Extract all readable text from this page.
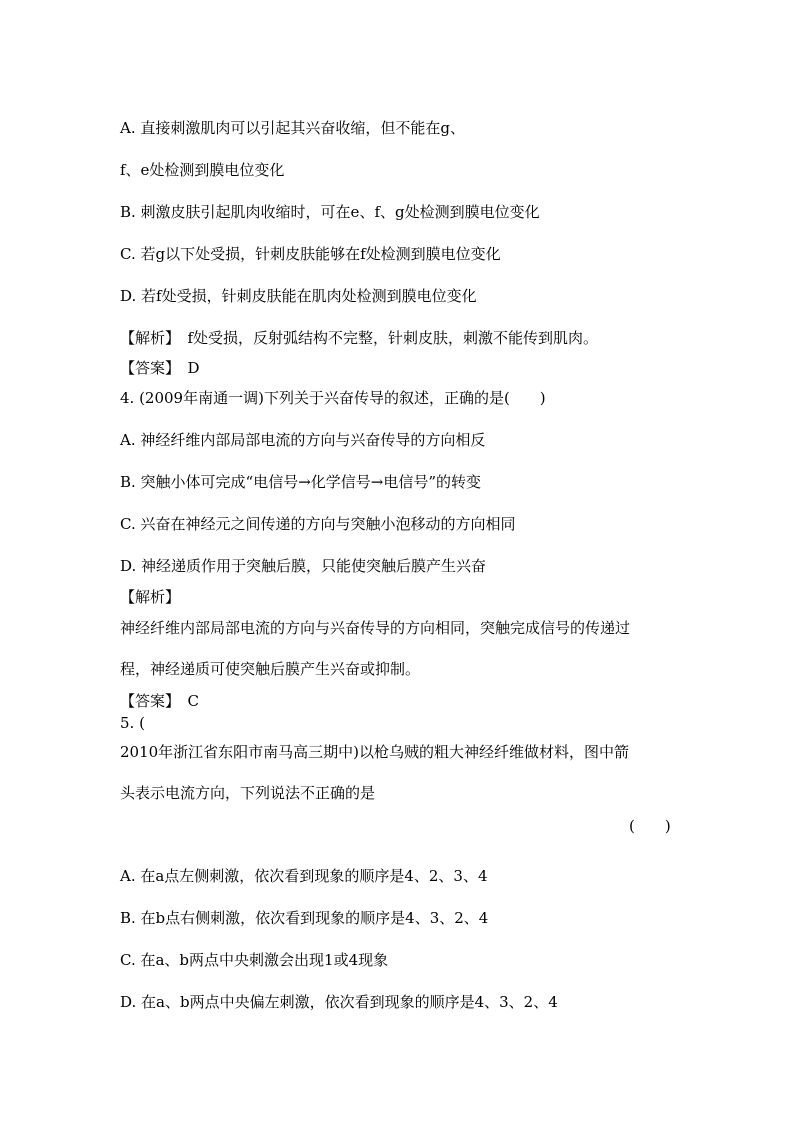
A. 直接刺激肌肉可以引起其兴奋收缩，但不能在g、
f、e处检测到膜电位变化
B. 刺激皮肤引起肌肉收缩时，可在e、f、g处检测到膜电位变化
C. 若g以下处受损，针刺皮肤能够在f处检测到膜电位变化
D. 若f处受损，针刺皮肤能在肌肉处检测到膜电位变化
【解析】　f处受损，反射弧结构不完整，针刺皮肤，刺激不能传到肌肉。
【答案】　D
4. (2009年南通一调)下列关于兴奋传导的叙述，正确的是(　　)
A. 神经纤维内部局部电流的方向与兴奋传导的方向相反
B. 突触小体可完成“电信号→化学信号→电信号”的转变
C. 兴奋在神经元之间传递的方向与突触小泡移动的方向相同
D. 神经递质作用于突触后膜，只能使突触后膜产生兴奋
【解析】
神经纤维内部局部电流的方向与兴奋传导的方向相同，突触完成信号的传递过
程，神经递质可使突触后膜产生兴奋或抑制。
【答案】　C
5. (
2010年浙江省东阳市南马高三期中)以枪乌贼的粗大神经纤维做材料，图中箭
头表示电流方向，下列说法不正确的是
(　　)
A. 在a点左侧刺激，依次看到现象的顺序是4、2、3、4
B. 在b点右侧刺激，依次看到现象的顺序是4、3、2、4
C. 在a、b两点中央刺激会出现1或4现象
D. 在a、b两点中央偏左刺激，依次看到现象的顺序是4、3、2、4
